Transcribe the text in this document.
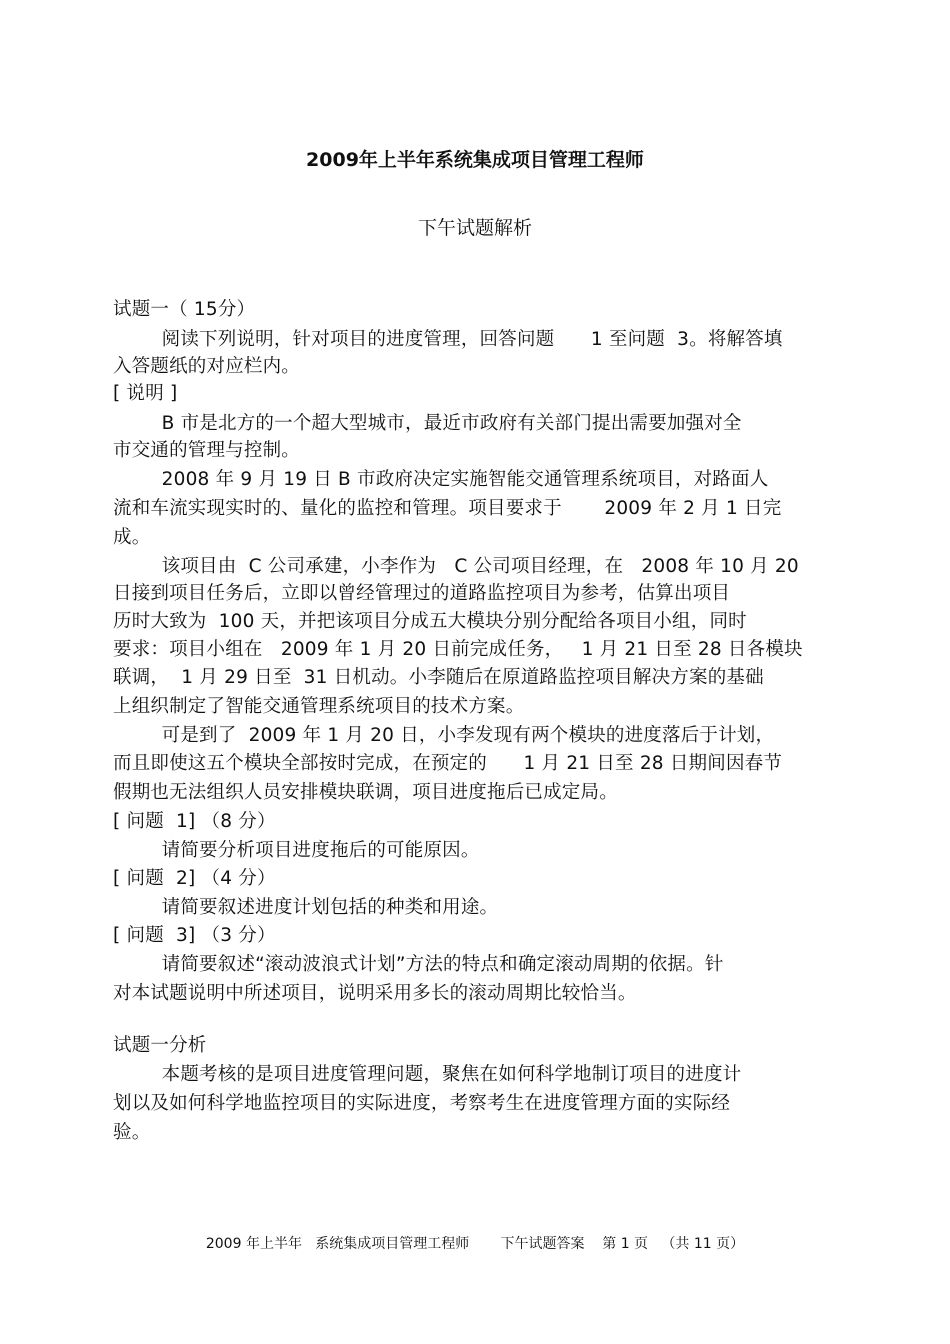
2009年上半年系统集成项目管理工程师
下午试题解析
试题一（ 15分）
阅读下列说明，针对项目的进度管理，回答问题      1 至问题  3。将解答填
入答题纸的对应栏内。
[ 说明 ]
B 市是北方的一个超大型城市，最近市政府有关部门提出需要加强对全
市交通的管理与控制。
2008 年 9 月 19 日 B 市政府决定实施智能交通管理系统项目，对路面人
流和车流实现实时的、量化的监控和管理。项目要求于       2009 年 2 月 1 日完
成。
该项目由  C 公司承建，小李作为   C 公司项目经理，在   2008 年 10 月 20
日接到项目任务后，立即以曾经管理过的道路监控项目为参考，估算出项目
历时大致为  100 天，并把该项目分成五大模块分别分配给各项目小组，同时
要求：项目小组在   2009 年 1 月 20 日前完成任务，   1 月 21 日至 28 日各模块
联调，  1 月 29 日至  31 日机动。小李随后在原道路监控项目解决方案的基础
上组织制定了智能交通管理系统项目的技术方案。
可是到了  2009 年 1 月 20 日，小李发现有两个模块的进度落后于计划，
而且即使这五个模块全部按时完成，在预定的      1 月 21 日至 28 日期间因春节
假期也无法组织人员安排模块联调，项目进度拖后已成定局。
[ 问题  1] （8 分）
请简要分析项目进度拖后的可能原因。
[ 问题  2] （4 分）
请简要叙述进度计划包括的种类和用途。
[ 问题  3] （3 分）
请简要叙述“滚动波浪式计划”方法的特点和确定滚动周期的依据。针
对本试题说明中所述项目，说明采用多长的滚动周期比较恰当。
试题一分析
本题考核的是项目进度管理问题，聚焦在如何科学地制订项目的进度计
划以及如何科学地监控项目的实际进度，考察考生在进度管理方面的实际经
验。
2009 年上半年   系统集成项目管理工程师       下午试题答案    第 1 页   （共 11 页）
